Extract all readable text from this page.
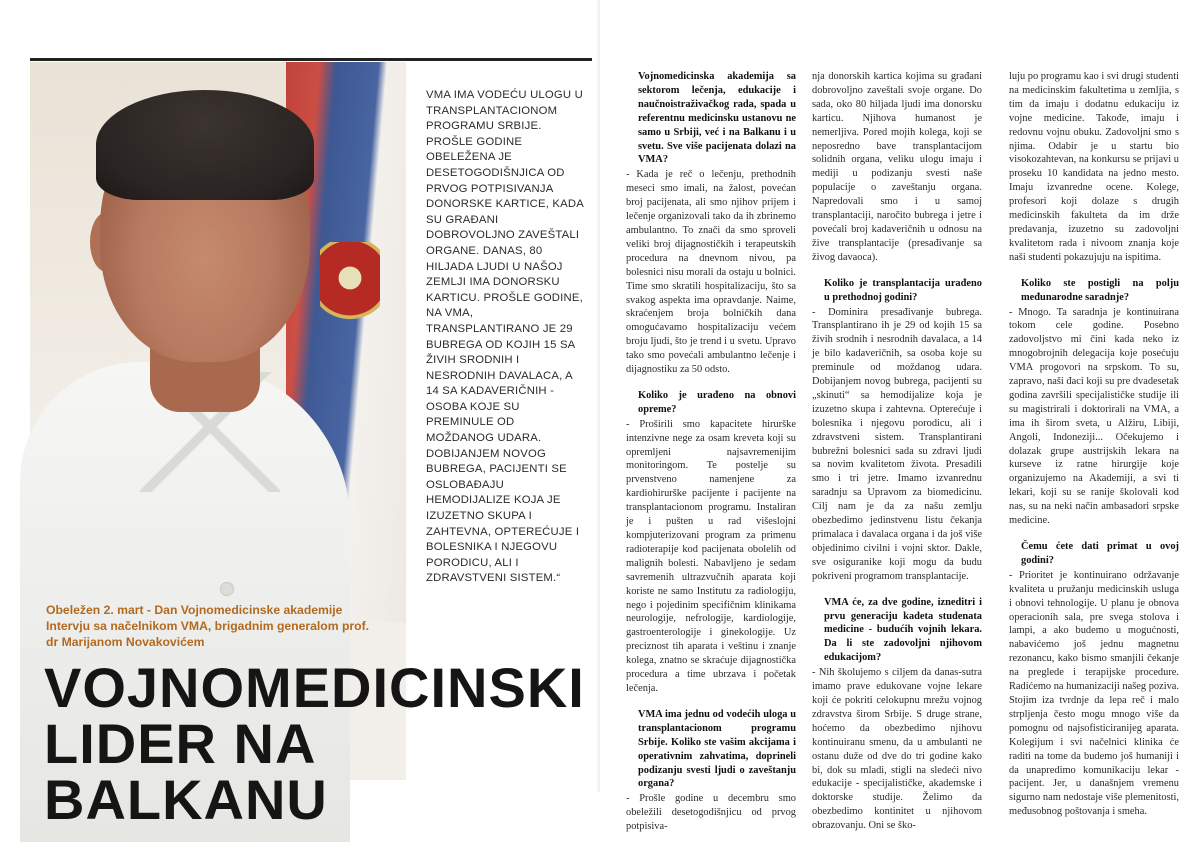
Obeležen 2. mart - Dan Vojnomedicinske akademije Intervju sa načelnikom VMA, brigadnim generalom prof. dr Marijanom Novakovićem
VOJNOMEDICINSKI
LIDER NA BALKANU
VMA IMA VODEĆU ULOGU U TRANSPLANTACIONOM PROGRAMU SRBIJE. PROŠLE GODINE OBELEŽENA JE DESETOGODIŠNJICA OD PRVOG POTPISIVANJA DONORSKE KARTICE, KADA SU GRAĐANI DOBROVOLJNO ZAVEŠTALI ORGANE. DANAS, 80 HILJADA LJUDI U NAŠOJ ZEMLJI IMA DONORSKU KARTICU. PROŠLE GODINE, NA VMA, TRANSPLANTIRANO JE 29 BUBREGA OD KOJIH 15 SA ŽIVIH SRODNIH I NESRODNIH DAVALACA, A 14 SA KADAVERIČNIH - OSOBA KOJE SU PREMINULE OD MOŽDANOG UDARA. DOBIJANJEM NOVOG BUBREGA, PACIJENTI SE OSLOBAĐAJU HEMODIJALIZE KOJA JE IZUZETNO SKUPA I ZAHTEVNA, OPTEREĆUJE I BOLESNIKA I NJEGOVU PORODICU, ALI I ZDRAVSTVENI SISTEM.“

Vojnomedicinska akademija sa sektorom lečenja, edukacije i naučnoistraživačkog rada, spada u referentnu medicinsku ustanovu ne samo u Srbiji, već i na Balkanu i u svetu. Sve više pacijenata dolazi na VMA?

- Kada je reč o lečenju, prethodnih meseci smo imali, na žalost, povećan broj pacijenata, ali smo njihov prijem i lečenje organizovali tako da ih zbrinemo ambulantno. To znači da smo sproveli veliki broj dijagnostičkih i terapeutskih procedura na dnevnom nivou, pa bolesnici nisu morali da ostaju u bolnici. Time smo skratili hospitalizaciju, što sa svakog aspekta ima opravdanje. Naime, skraćenjem broja bolničkih dana omogućavamo hospitalizaciju većem broju ljudi, što je trend i u svetu. Upravo tako smo povećali ambulantno lečenje i dijagnostiku za 50 odsto.

Koliko je urađeno na obnovi opreme?

- Proširili smo kapacitete hirurške intenzivne nege za osam kreveta koji su opremljeni najsavremenijim monitoringom. Te postelje su prvenstveno namenjene za kardiohirurške pacijente i pacijente na transplantacionom programu. Instaliran je i pušten u rad višeslojni kompjuterizovani program za primenu radioterapije kod pacijenata obolelih od malignih bolesti. Nabavljeno je sedam savremenih ultrazvučnih aparata koji koriste ne samo Institutu za radiologiju, nego i pojedinim specifičnim klinikama neurologije, nefrologije, kardiologije, gastroenterologije i ginekologije. Uz preciznost tih aparata i veštinu i znanje kolega, znatno se skraćuje dijagnostička procedura a time ubrzava i početak lečenja.

VMA ima jednu od vodećih uloga u transplantacionom programu Srbije. Koliko ste vašim akcijama i operativnim zahvatima, doprineli podizanju svesti ljudi o zaveštanju organa?

- Prošle godine u decembru smo obeležili desetogodišnjicu od prvog potpisiva-

nja donorskih kartica kojima su građani dobrovoljno zaveštali svoje organe. Do sada, oko 80 hiljada ljudi ima donorsku karticu. Njihova humanost je nemerljiva. Pored mojih kolega, koji se neposredno bave transplantacijom solidnih organa, veliku ulogu imaju i mediji u podizanju svesti naše populacije o zaveštanju organa. Napredovali smo i u samoj transplantaciji, naročito bubrega i jetre i povećali broj kadaveričnih u odnosu na žive transplantacije (presađivanje sa živog davaoca).

Koliko je transplantacija urađeno u prethodnoj godini?

- Dominira presađivanje bubrega. Transplantirano ih je 29 od kojih 15 sa živih srodnih i nesrodnih davalaca, a 14 je bilo kadaveričnih, sa osoba koje su preminule od moždanog udara. Dobijanjem novog bubrega, pacijenti su „skinuti“ sa hemodijalize koja je izuzetno skupa i zahtevna. Opterećuje i bolesnika i njegovu porodicu, ali i zdravstveni sistem. Transplantirani bubrežni bolesnici sada su zdravi ljudi sa novim kvalitetom života. Presadili smo i tri jetre. Imamo izvanrednu saradnju sa Upravom za biomedicinu. Cilj nam je da za našu zemlju obezbedimo jedinstvenu listu čekanja primalaca i davalaca organa i da još više objedinimo civilni i vojni sktor. Dakle, sve osiguranike koji mogu da budu pokriveni programom transplantacije.

VMA će, za dve godine, izneditri i prvu generaciju kadeta studenata medicine - budućih vojnih lekara. Da li ste zadovoljni njihovom edukacijom?

- Nih školujemo s ciljem da danas-sutra imamo prave edukovane vojne lekare koji će pokriti celokupnu mrežu vojnog zdravstva širom Srbije. S druge strane, hoćemo da obezbedimo njihovu kontinuiranu smenu, da u ambulanti ne ostanu duže od dve do tri godine kako bi, dok su mladi, stigli na sledeći nivo edukacije - specijalističke, akademske i doktorske studije. Želimo da obezbedimo kontinitet u njihovom obrazovanju. Oni se ško-

luju po programu kao i svi drugi studenti na medicinskim fakultetima u zemljia, s tim da imaju i dodatnu edukaciju iz vojne medicine. Takođe, imaju i redovnu vojnu obuku. Zadovoljni smo s njima. Odabir je u startu bio visokozahtevan, na konkursu se prijavi u proseku 10 kandidata na jedno mesto. Imaju izvanredne ocene. Kolege, profesori koji dolaze s drugih medicinskih fakulteta da im drže predavanja, izuzetno su zadovoljni kvalitetom rada i nivoom znanja koje naši studenti pokazujuju na ispitima.

Koliko ste postigli na polju međunarodne saradnje?

- Mnogo. Ta saradnja je kontinuirana tokom cele godine. Posebno zadovoljstvo mi čini kada neko iz mnogobrojnih delegacija koje posećuju VMA progovori na srpskom. To su, zapravo, naši đaci koji su pre dvadesetak godina završili specijalističke studije ili su magistrirali i doktorirali na VMA, a ima ih širom sveta, u Alžiru, Libiji, Angoli, Indoneziji... Očekujemo i dolazak grupe austrijskih lekara na kurseve iz ratne hirurgije koje organizujemo na Akademiji, a svi ti lekari, koji su se ranije školovali kod nas, su na neki način ambasadori srpske medicine.

Čemu ćete dati primat u ovoj godini?

- Prioritet je kontinuirano održavanje kvaliteta u pružanju medicinskih usluga i obnovi tehnologije. U planu je obnova operacionih sala, pre svega stolova i lampi, a ako budemo u mogućnosti, nabavićemo još jednu magnetnu rezonancu, kako bismo smanjili čekanje na preglede i terapijske procedure. Radićemo na humanizaciji našeg poziva. Stojim iza tvrdnje da lepa reč i malo strpljenja često mogu mnogo više da pomognu od najsofisticiranijeg aparata. Kolegijum i svi načelnici klinika će raditi na tome da budemo još humaniji i da unapredimo komunikaciju lekar - pacijent. Jer, u današnjem vremenu sigurno nam nedostaje više plemenitosti, međusobnog poštovanja i smeha.
